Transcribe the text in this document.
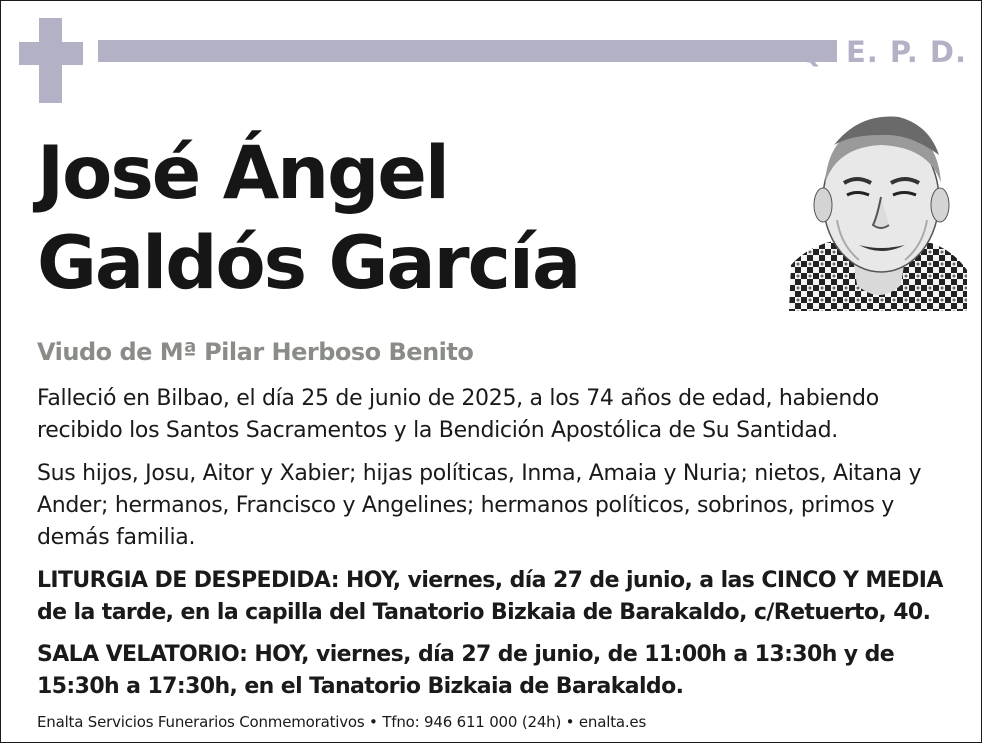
Q. E. P. D.
José Ángel
Galdós García
Viudo de Mª Pilar Herboso Benito
Falleció en Bilbao, el día 25 de junio de 2025, a los 74 años de edad, habiendo recibido los Santos Sacramentos y la Bendición Apostólica de Su Santidad.
Sus hijos, Josu, Aitor y Xabier; hijas políticas, Inma, Amaia y Nuria; nietos, Aitana y Ander; hermanos, Francisco y Angelines; hermanos políticos, sobrinos, primos y demás familia.
LITURGIA DE DESPEDIDA: HOY, viernes, día 27 de junio, a las CINCO Y MEDIA de la tarde, en la capilla del Tanatorio Bizkaia de Barakaldo, c/Retuerto, 40.
SALA VELATORIO: HOY, viernes, día 27 de junio, de 11:00h a 13:30h y de 15:30h a 17:30h, en el Tanatorio Bizkaia de Barakaldo.
Enalta Servicios Funerarios Conmemorativos • Tfno: 946 611 000 (24h) • enalta.es
